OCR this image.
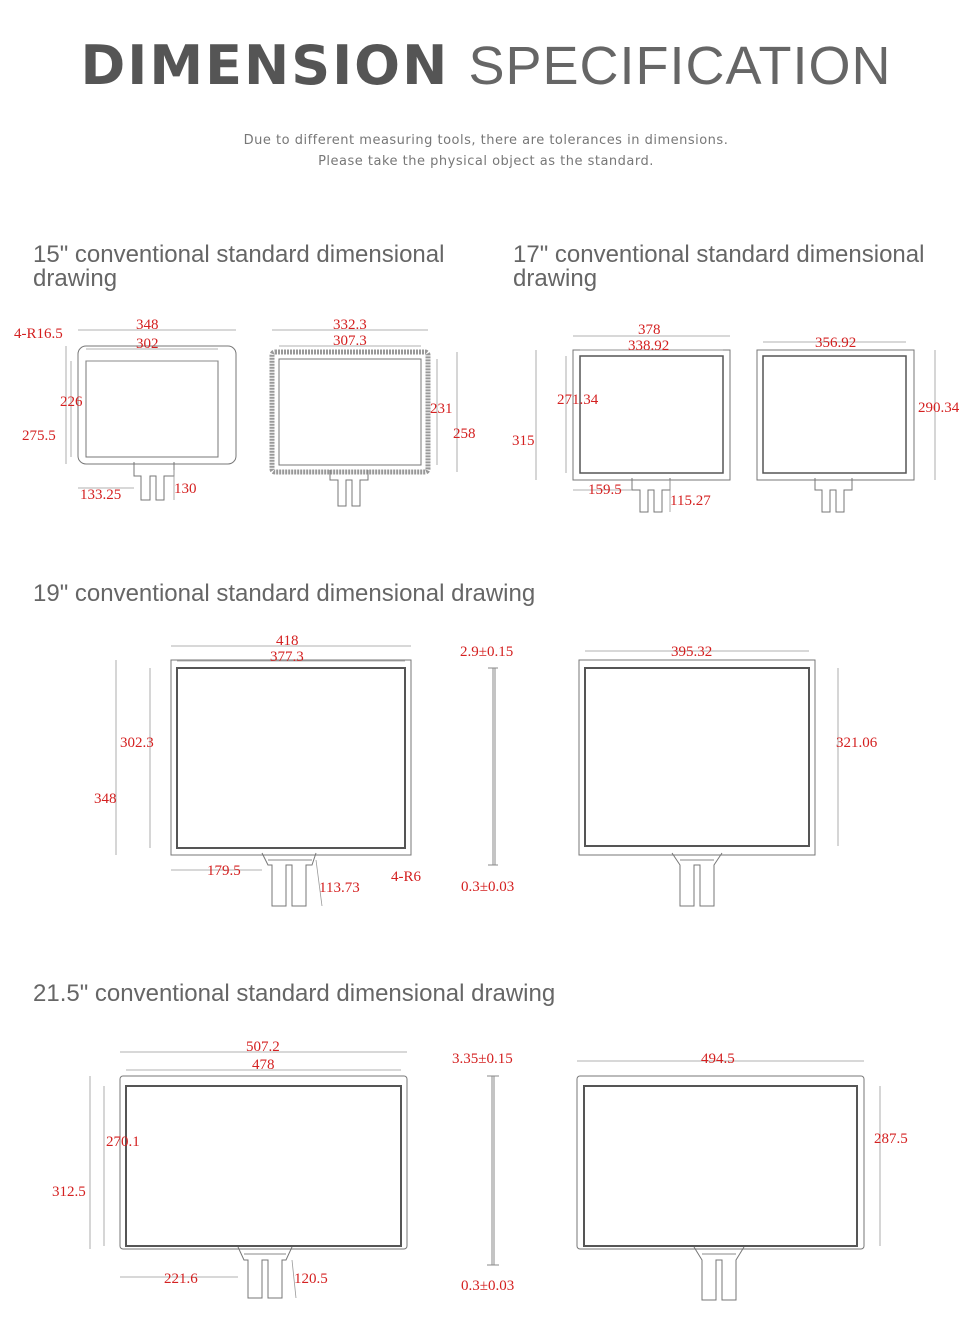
DIMENSION SPECIFICATION
Due to different measuring tools, there are tolerances in dimensions.
Please take the physical object as the standard.
15" conventional standard dimensional drawing
17" conventional standard dimensional drawing
19" conventional standard dimensional drawing
21.5" conventional standard dimensional drawing
4-R16.5
348
302
226
275.5
133.25	130
332.3
307.3
231
258
378
338.92
271.34
315
159.5
115.27
356.92
290.34
418
377.3
302.3
348
179.5
113.73
4-R6
2.9±0.15
0.3±0.03
395.32
321.06
507.2
478
270.1
312.5
221.6	120.5
3.35±0.15
0.3±0.03
494.5
287.5
